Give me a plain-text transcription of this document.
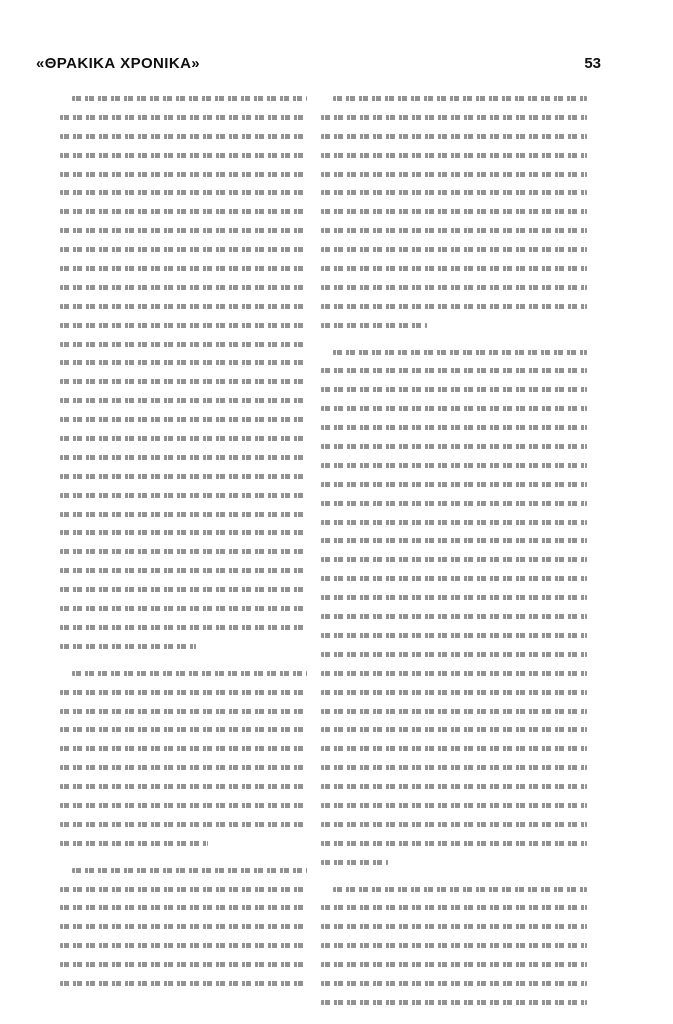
«ΘΡΑΚΙΚΑ ΧΡΟΝΙΚΑ»	53
